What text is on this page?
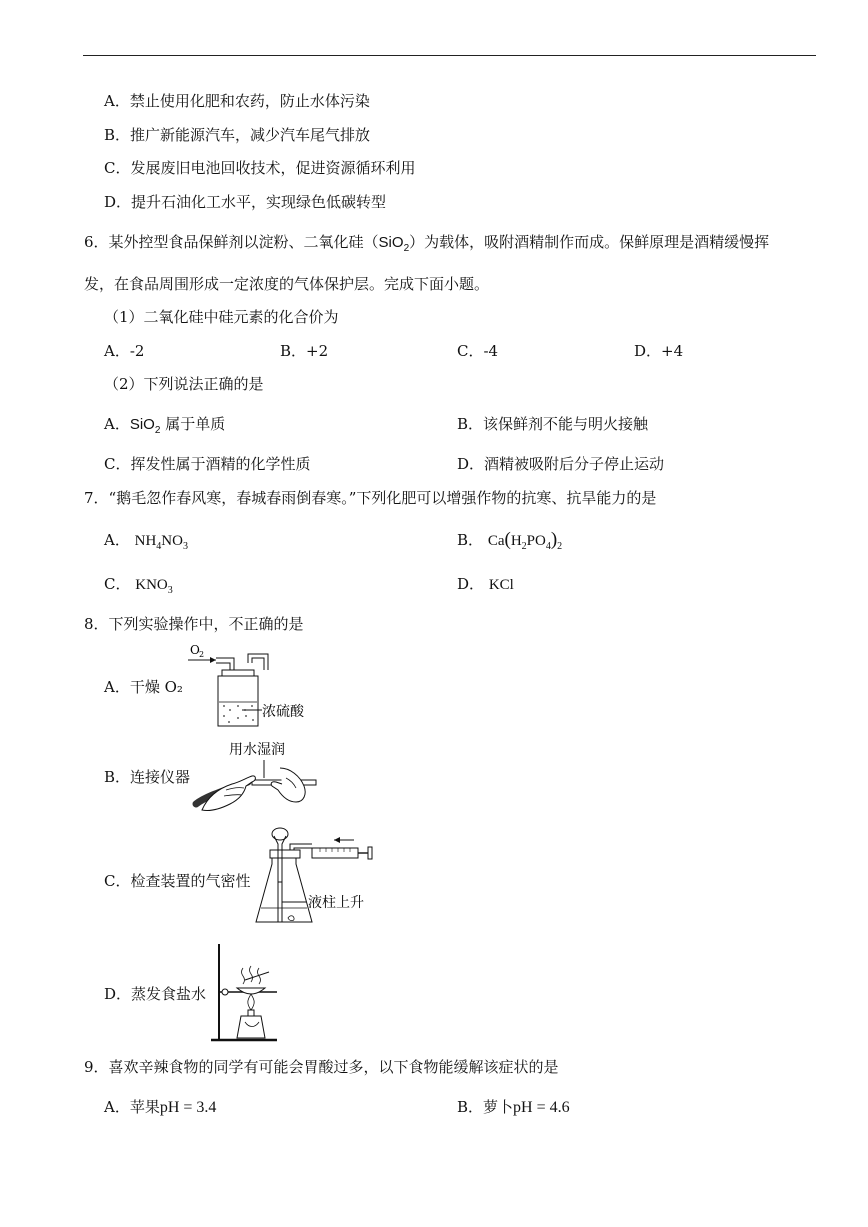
A．禁止使用化肥和农药，防止水体污染
B．推广新能源汽车，减少汽车尾气排放
C．发展废旧电池回收技术，促进资源循环利用
D．提升石油化工水平，实现绿色低碳转型
6．某外控型食品保鲜剂以淀粉、二氧化硅（SiO$_2$）为载体，吸附酒精制作而成。保鲜原理是酒精缓慢挥
发，在食品周围形成一定浓度的气体保护层。完成下面小题。
（1）二氧化硅中硅元素的化合价为
A．-2	B．+2	C．-4	D．+4
（2）下列说法正确的是
A．SiO$_2$ 属于单质	B．该保鲜剂不能与明火接触
C．挥发性属于酒精的化学性质	D．酒精被吸附后分子停止运动
7．“鹅毛忽作春风寒，春城春雨倒春寒。”下列化肥可以增强作物的抗寒、抗旱能力的是
A． $NH_4NO_3$	B． $Ca(H_2PO_4)_2$
C． $KNO_3$	D． KCl
8．下列实验操作中，不正确的是
A．干燥 O₂
B．连接仪器
C．检查装置的气密性
D．蒸发食盐水
O 2
浓硫酸
用水湿润
液柱上升
9．喜欢辛辣食物的同学有可能会胃酸过多，以下食物能缓解该症状的是
A．苹果pH = 3.4	B．萝卜pH = 4.6
